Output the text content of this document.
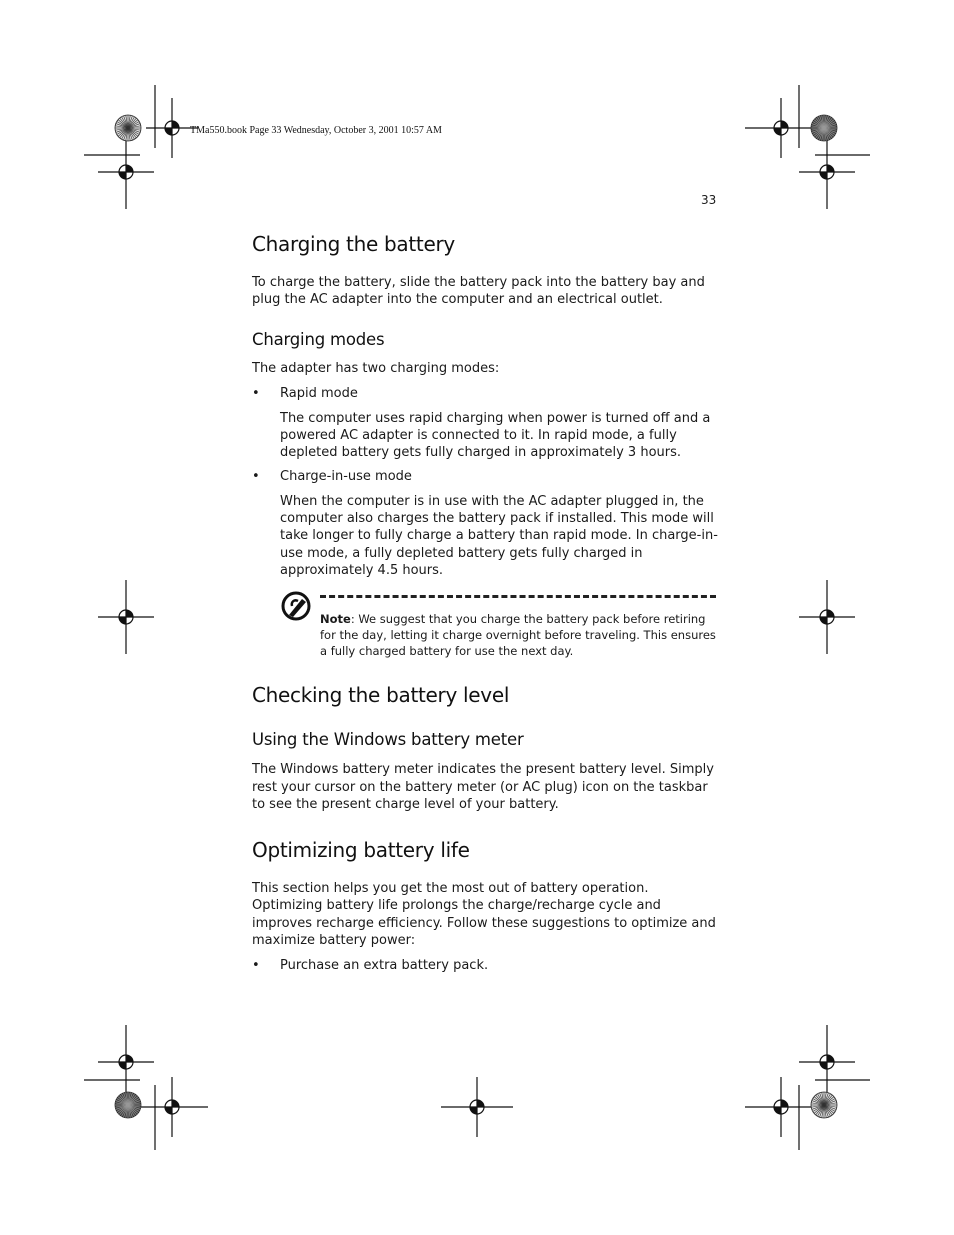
TMa550.book Page 33 Wednesday, October 3, 2001 10:57 AM
33
Charging the battery

To charge the battery, slide the battery pack into the battery bay and plug the AC adapter into the computer and an electrical outlet.

Charging modes

The adapter has two charging modes:

• Rapid mode

The computer uses rapid charging when power is turned off and a powered AC adapter is connected to it. In rapid mode, a fully depleted battery gets fully charged in approximately 3 hours.

• Charge-in-use mode

When the computer is in use with the AC adapter plugged in, the computer also charges the battery pack if installed. This mode will take longer to fully charge a battery than rapid mode. In charge-in-use mode, a fully depleted battery gets fully charged in approximately 4.5 hours.

Note: We suggest that you charge the battery pack before retiring for the day, letting it charge overnight before traveling. This ensures a fully charged battery for use the next day.
Checking the battery level
Using the Windows battery meter

The Windows battery meter indicates the present battery level. Simply rest your cursor on the battery meter (or AC plug) icon on the taskbar to see the present charge level of your battery.

Optimizing battery life

This section helps you get the most out of battery operation. Optimizing battery life prolongs the charge/recharge cycle and improves recharge efficiency. Follow these suggestions to optimize and maximize battery power:

• Purchase an extra battery pack.
